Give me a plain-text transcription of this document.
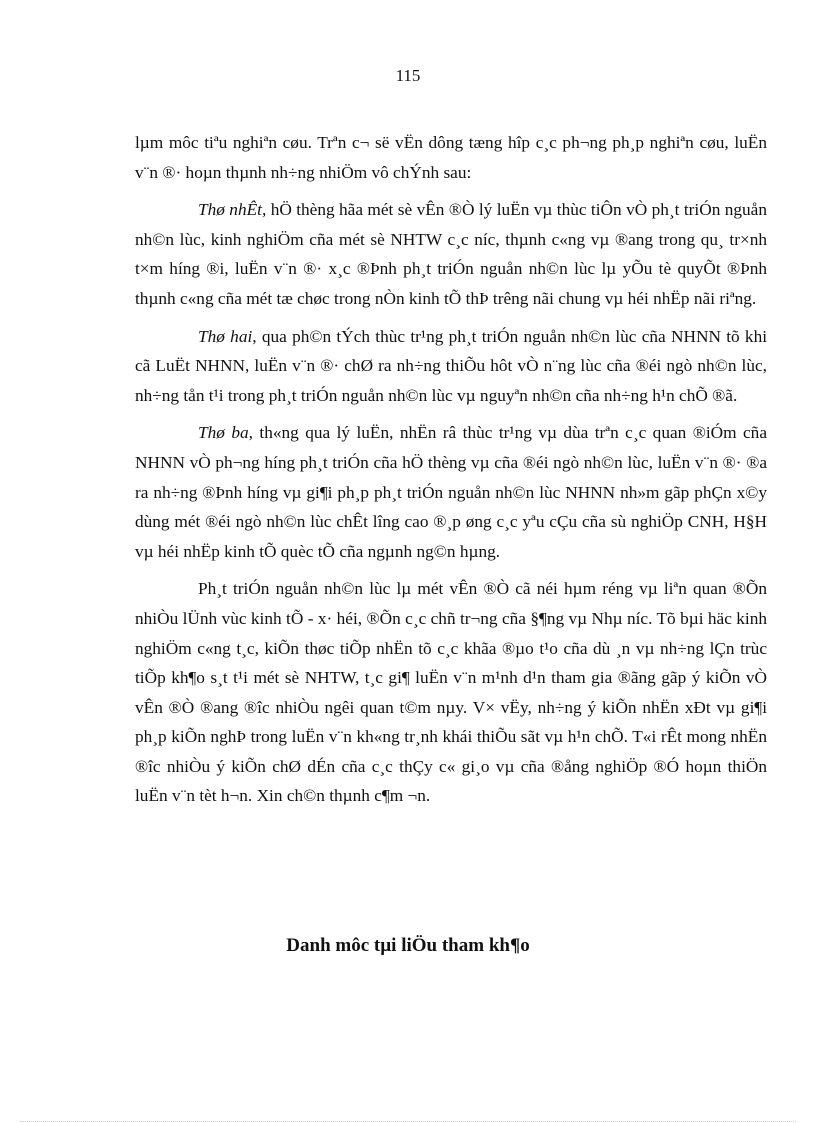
115

lµm môc tiªu nghiªn cøu. Trªn c¬ së vËn dông tæng hîp c¸c ph¬ng ph¸p nghiªn cøu, luËn v¨n ®· hoµn thµnh nh÷ng nhiÖm vô chÝnh sau:

Thø nhÊt, hÖ thèng hãa mét sè vÊn ®Ò lý luËn vµ thùc tiÔn vÒ ph¸t triÓn nguån nh©n lùc, kinh nghiÖm cña mét sè NHTW c¸c níc, thµnh c«ng vµ ®ang trong qu¸ tr×nh t×m híng ®i, luËn v¨n ®· x¸c ®Þnh ph¸t triÓn nguån nh©n lùc lµ yÕu tè quyÕt ®Þnh thµnh c«ng cña mét tæ chøc trong nÒn kinh tÕ thÞ trêng nãi chung vµ héi nhËp nãi riªng.

Thø hai, qua ph©n tÝch thùc tr¹ng ph¸t triÓn nguån nh©n lùc cña NHNN tõ khi cã LuËt NHNN, luËn v¨n ®· chØ ra nh÷ng thiÕu hôt vÒ n¨ng lùc cña ®éi ngò nh©n lùc, nh÷ng tån t¹i trong ph¸t triÓn nguån nh©n lùc vµ nguyªn nh©n cña nh÷ng h¹n chÕ ®ã.

Thø ba, th«ng qua lý luËn, nhËn râ thùc tr¹ng vµ dùa trªn c¸c quan ®iÓm cña NHNN vÒ ph¬ng híng ph¸t triÓn cña hÖ thèng vµ cña ®éi ngò nh©n lùc, luËn v¨n ®· ®a ra nh÷ng ®Þnh híng vµ gi¶i ph¸p ph¸t triÓn nguån nh©n lùc NHNN nh»m gãp phÇn x©y dùng mét ®éi ngò nh©n lùc chÊt lîng cao ®¸p øng c¸c yªu cÇu cña sù nghiÖp CNH, H§H vµ héi nhËp kinh tÕ quèc tÕ cña ngµnh ng©n hµng.

Ph¸t triÓn nguån nh©n lùc lµ mét vÊn ®Ò cã néi hµm réng vµ liªn quan ®Õn nhiÒu lÜnh vùc kinh tÕ - x· héi, ®Õn c¸c chñ tr¬ng cña §¶ng vµ Nhµ níc. Tõ bµi häc kinh nghiÖm c«ng t¸c, kiÕn thøc tiÕp nhËn tõ c¸c khãa ®µo t¹o cña dù ¸n vµ nh÷ng lÇn trùc tiÕp kh¶o s¸t t¹i mét sè NHTW, t¸c gi¶ luËn v¨n m¹nh d¹n tham gia ®ãng gãp ý kiÕn vÒ vÊn ®Ò ®ang ®îc nhiÒu ngêi quan t©m nµy. V× vËy, nh÷ng ý kiÕn nhËn xÐt vµ gi¶i ph¸p kiÕn nghÞ trong luËn v¨n kh«ng tr¸nh khái thiÕu sãt vµ h¹n chÕ. T«i rÊt mong nhËn ®îc nhiÒu ý kiÕn chØ dÉn cña c¸c thÇy c« gi¸o vµ cña ®ång nghiÖp ®Ó hoµn thiÖn luËn v¨n tèt h¬n. Xin ch©n thµnh c¶m ¬n.

Danh môc tµi liÖu tham kh¶o
